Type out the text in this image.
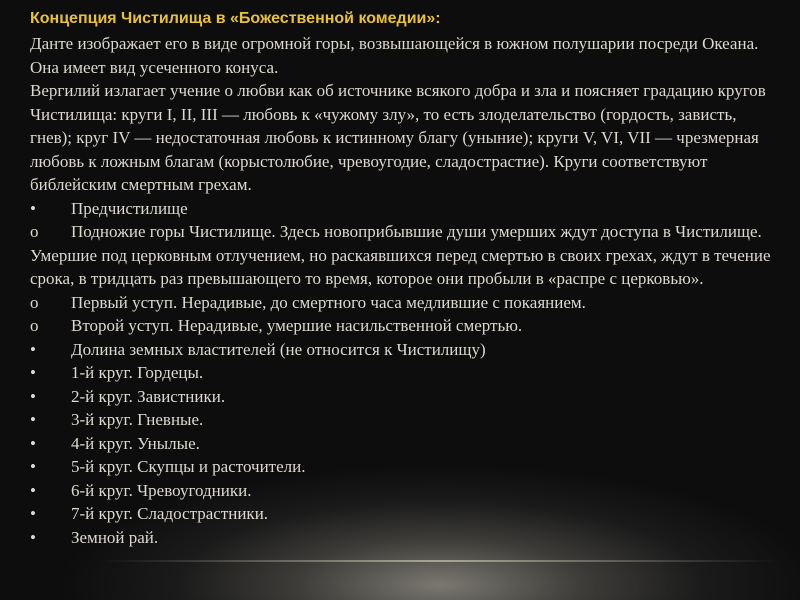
Концепция Чистилища в «Божественной комедии»:

Данте изображает его в виде огромной горы, возвышающейся в южном полушарии посреди Океана. Она имеет вид усеченного конуса.

Вергилий излагает учение о любви как об источнике всякого добра и зла и поясняет градацию кругов Чистилища: круги I, II, III — любовь к «чужому злу», то есть злоделательство (гордость, зависть, гнев); круг IV — недостаточная любовь к истинному благу (уныние); круги V, VI, VII — чрезмерная любовь к ложным благам (корыстолюбие, чревоугодие, сладострастие). Круги соответствуют библейским смертным грехам.

•	Предчистилище
o	Подножие горы Чистилище. Здесь новоприбывшие души умерших ждут доступа в Чистилище. Умершие под церковным отлучением, но раскаявшихся перед смертью в своих грехах, ждут в течение срока, в тридцать раз превышающего то время, которое они пробыли в «распре с церковью».
o	Первый уступ. Нерадивые, до смертного часа медлившие с покаянием.
o	Второй уступ. Нерадивые, умершие насильственной смертью.
•	Долина земных властителей (не относится к Чистилищу)
•	1-й круг. Гордецы.
•	2-й круг. Завистники.
•	3-й круг. Гневные.
•	4-й круг. Унылые.
•	5-й круг. Скупцы и расточители.
•	6-й круг. Чревоугодники.
•	7-й круг. Сладострастники.
•	Земной рай.
